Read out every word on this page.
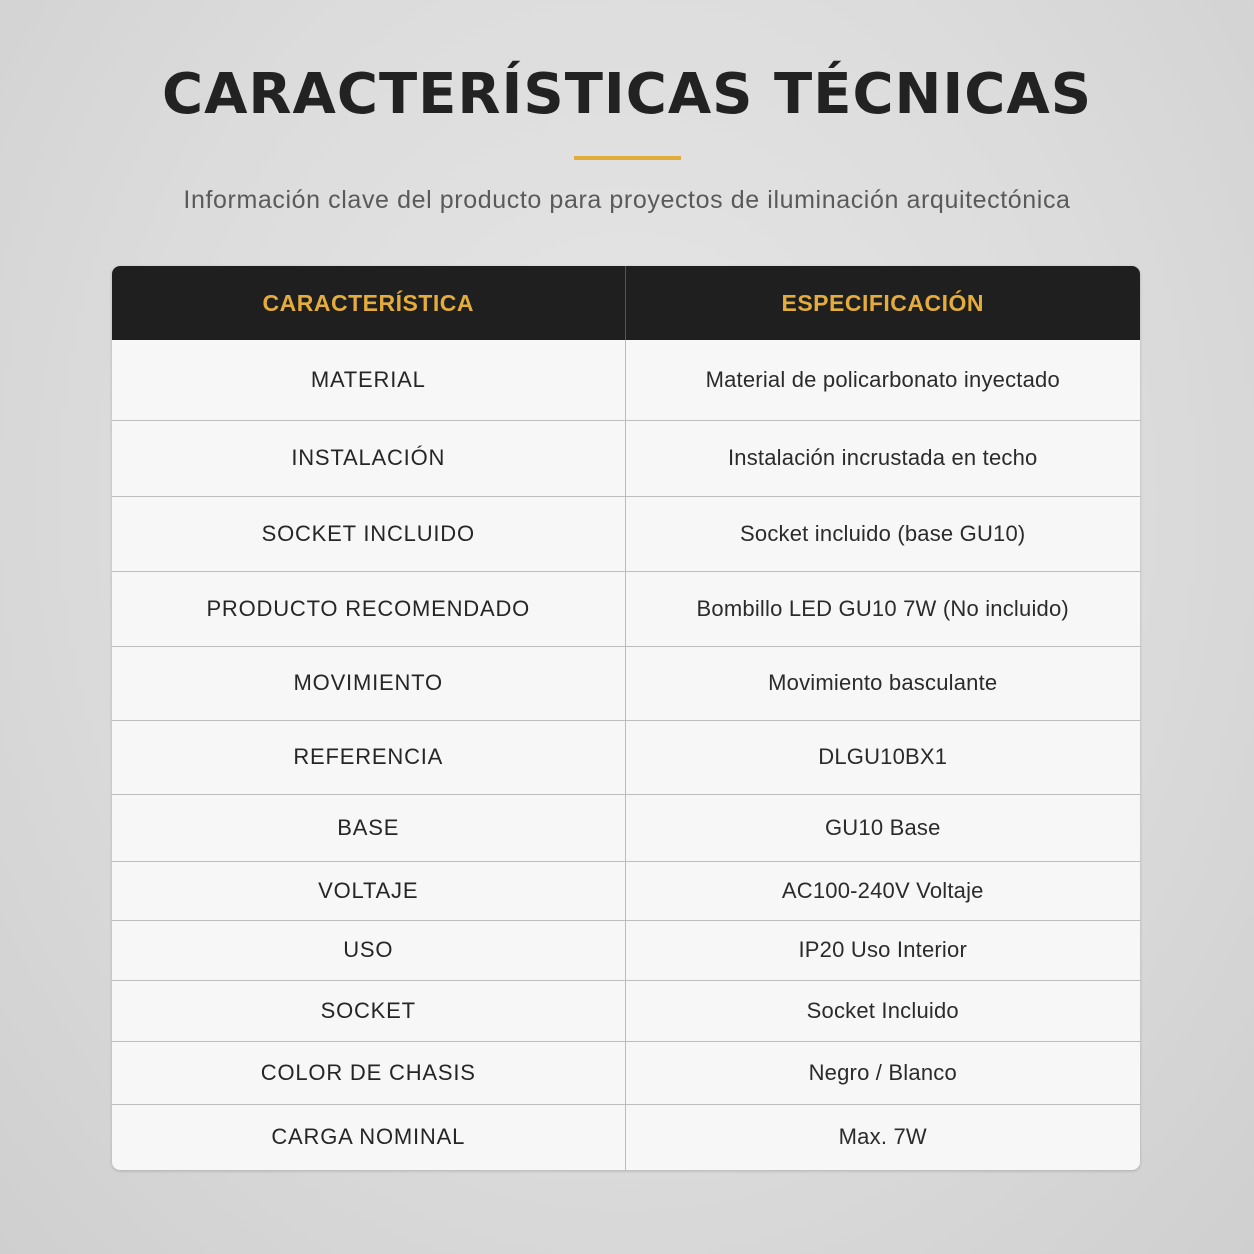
CARACTERÍSTICAS TÉCNICAS

Información clave del producto para proyectos de iluminación arquitectónica

CARACTERÍSTICA	ESPECIFICACIÓN
MATERIAL	Material de policarbonato inyectado
INSTALACIÓN	Instalación incrustada en techo
SOCKET INCLUIDO	Socket incluido (base GU10)
PRODUCTO RECOMENDADO	Bombillo LED GU10 7W (No incluido)
MOVIMIENTO	Movimiento basculante
REFERENCIA	DLGU10BX1
BASE	GU10 Base
VOLTAJE	AC100-240V Voltaje
USO	IP20 Uso Interior
SOCKET	Socket Incluido
COLOR DE CHASIS	Negro / Blanco
CARGA NOMINAL	Max. 7W
